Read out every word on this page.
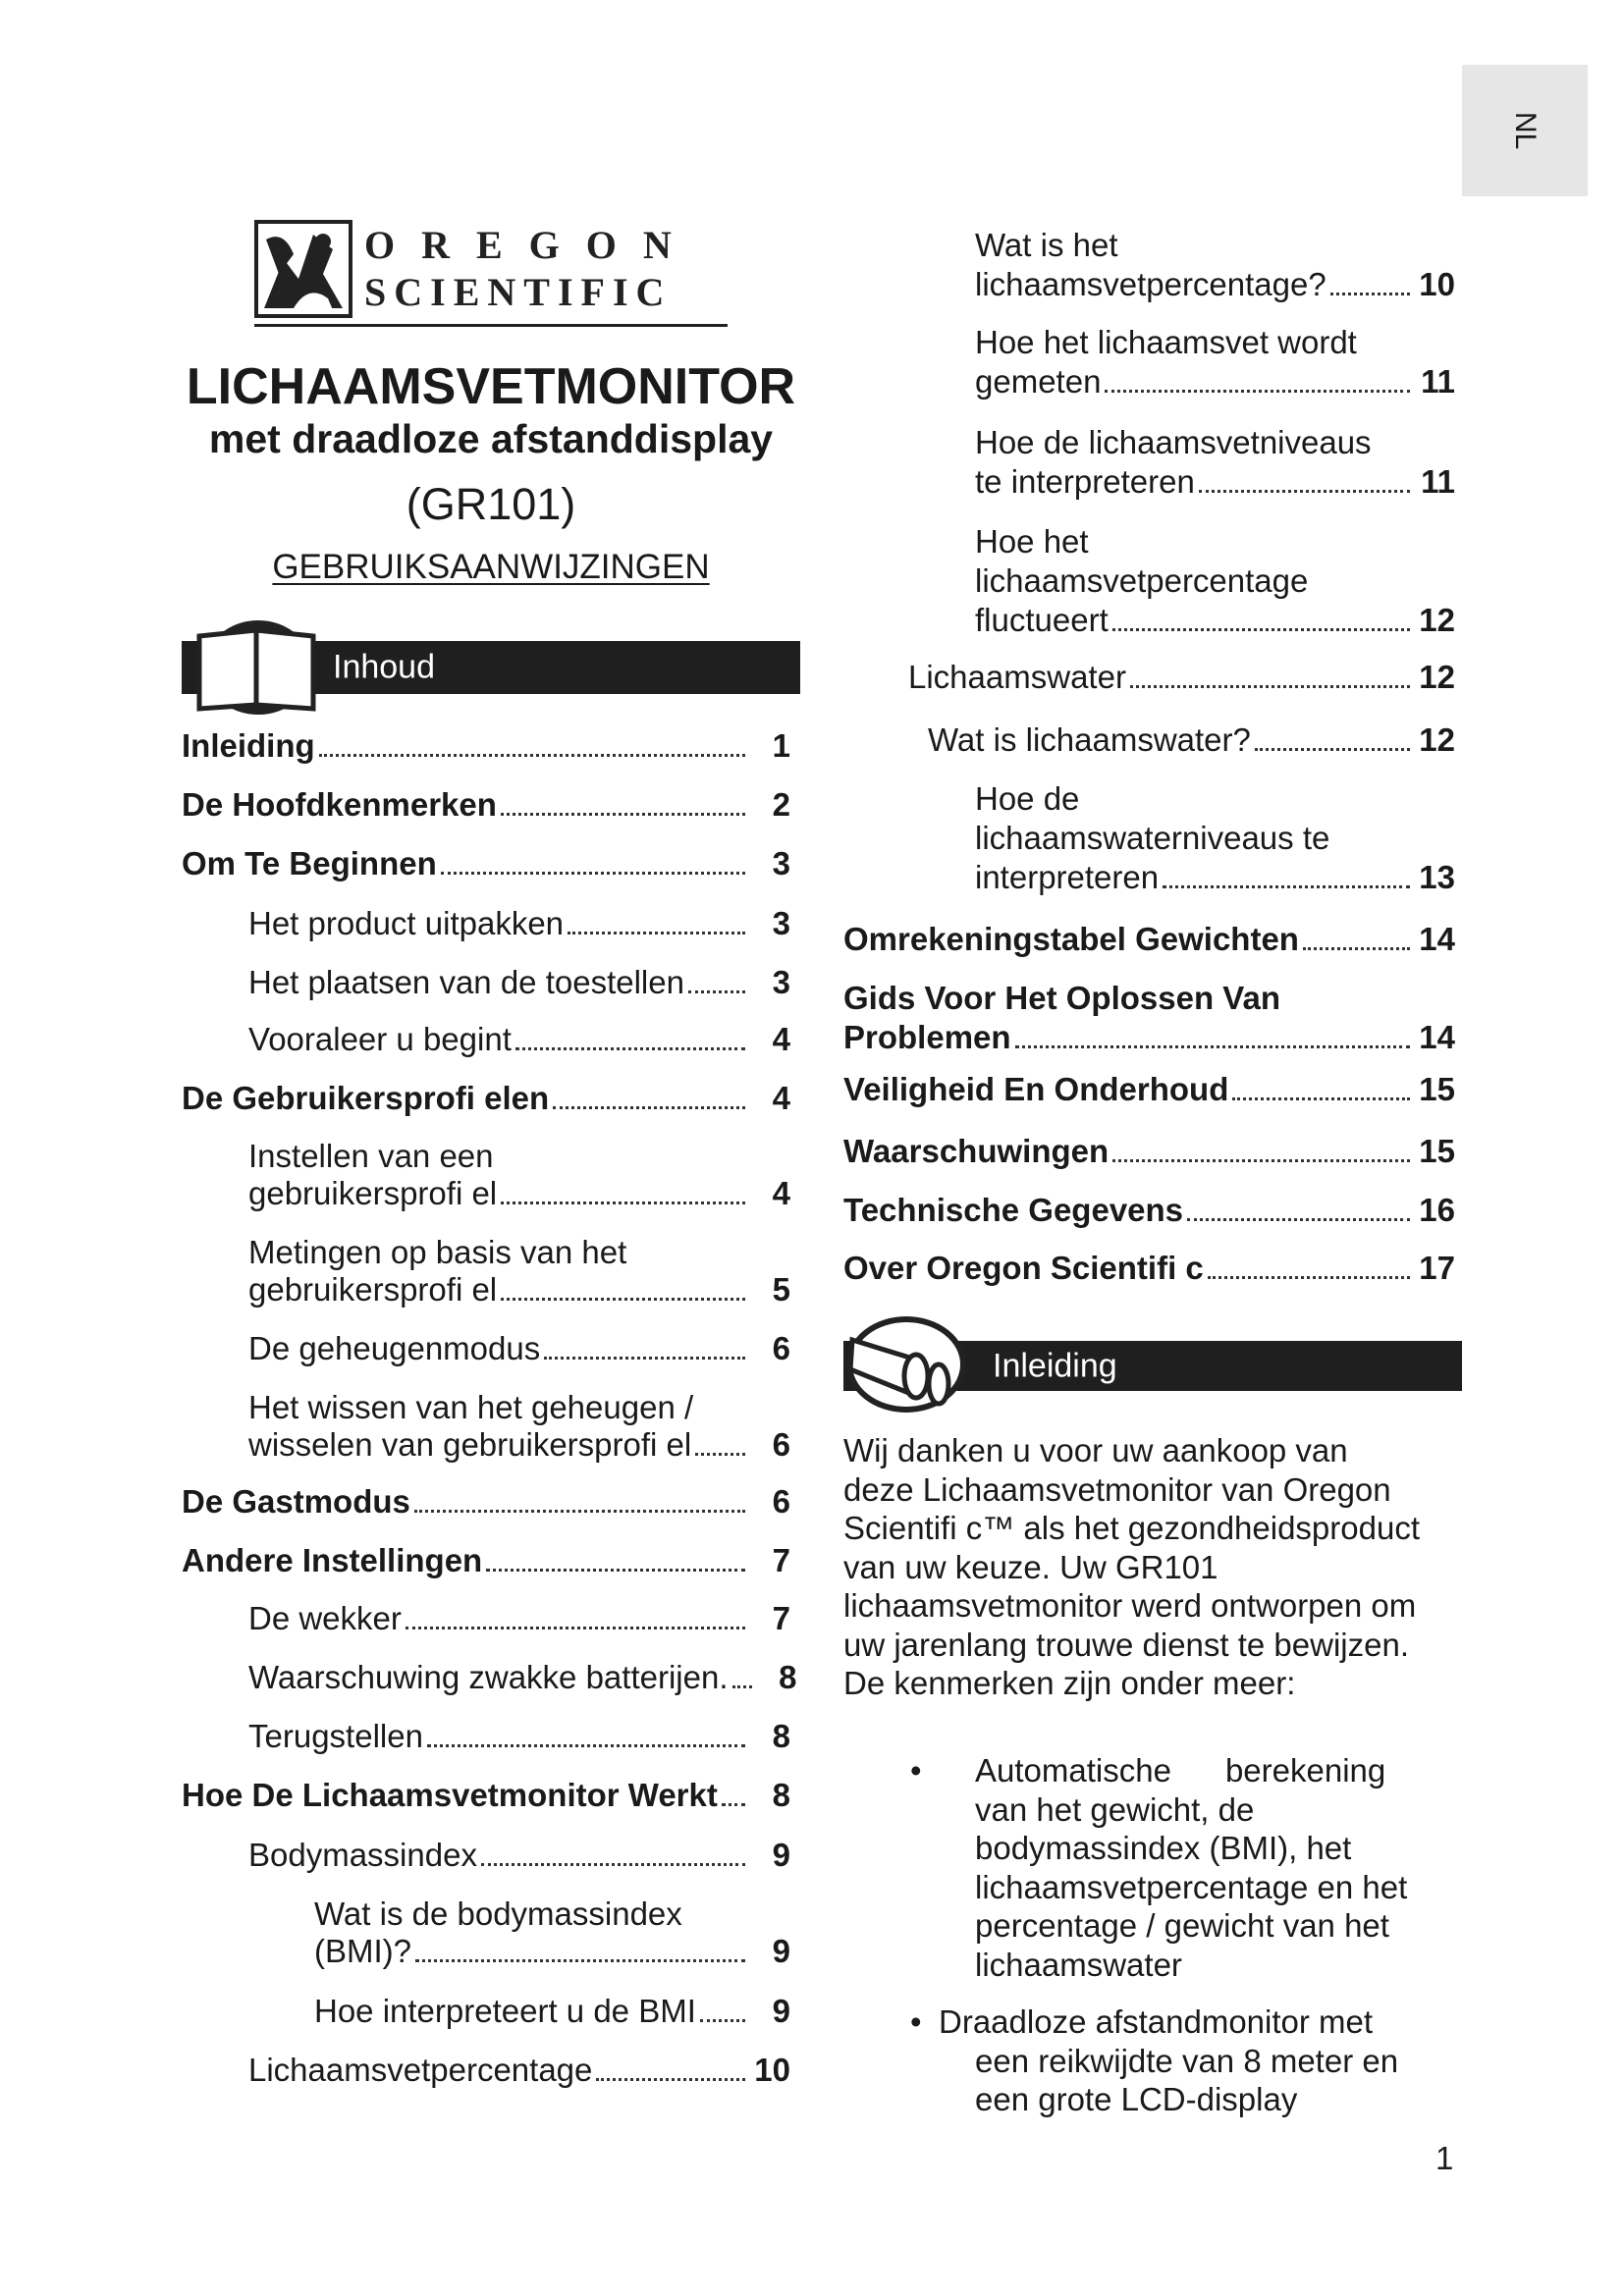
NL
OREGON
SCIENTIFIC
LICHAAMSVETMONITOR
met draadloze afstanddisplay
(GR101)
GEBRUIKSAANWIJZINGEN
Inhoud
Inleiding	1
De Hoofdkenmerken	2
Om Te Beginnen	3
Het product uitpakken	3
Het plaatsen van de toestellen	3
Vooraleer u begint	4
De Gebruikersprofi elen	4
Instellen van een
gebruikersprofi el	4
Metingen op basis van het
gebruikersprofi el	5
De geheugenmodus	6
Het wissen van het geheugen /
wisselen van gebruikersprofi el	6
De Gastmodus	6
Andere Instellingen	7
De wekker	7
Waarschuwing zwakke batterijen.	8
Terugstellen	8
Hoe De Lichaamsvetmonitor Werkt	8
Bodymassindex	9
Wat is de bodymassindex
(BMI)?	9
Hoe interpreteert u de BMI	9
Lichaamsvetpercentage	10
Wat is het
lichaamsvetpercentage?	10
Hoe het lichaamsvet wordt
gemeten	11
Hoe de lichaamsvetniveaus
te interpreteren	11
Hoe het
lichaamsvetpercentage
fluctueert	12
Lichaamswater	12
Wat is lichaamswater?	12
Hoe de
lichaamswaterniveaus te
interpreteren	13
Omrekeningstabel Gewichten	14
Gids Voor Het Oplossen Van
Problemen	14
Veiligheid En Onderhoud	15
Waarschuwingen	15
Technische Gegevens	16
Over Oregon Scientifi c	17
Inleiding
Wij danken u voor uw aankoop van
deze Lichaamsvetmonitor van Oregon
Scientifi c™ als het gezondheidsproduct
van uw keuze. Uw GR101
lichaamsvetmonitor werd ontworpen om
uw jarenlang trouwe dienst te bewijzen.
De kenmerken zijn onder meer:
• Automatische      berekening
van het gewicht, de
bodymassindex (BMI), het
lichaamsvetpercentage en het
percentage / gewicht van het
lichaamswater
• Draadloze afstandmonitor met
een reikwijdte van 8 meter en
een grote LCD-display
1
